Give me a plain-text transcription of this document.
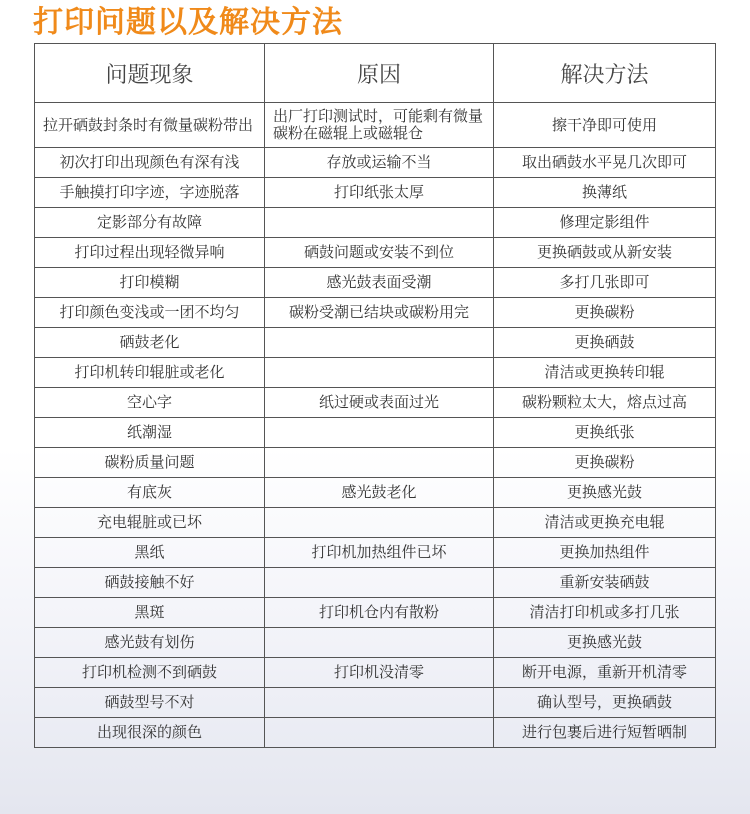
打印问题以及解决方法
问题现象	原因	解决方法
拉开硒鼓封条时有微量碳粉带出	出厂打印测试时，可能剩有微量碳粉在磁辊上或磁辊仓	擦干净即可使用
初次打印出现颜色有深有浅	存放或运输不当	取出硒鼓水平晃几次即可
手触摸打印字迹，字迹脱落	打印纸张太厚	换薄纸
定影部分有故障		修理定影组件
打印过程出现轻微异响	硒鼓问题或安装不到位	更换硒鼓或从新安装
打印模糊	感光鼓表面受潮	多打几张即可
打印颜色变浅或一团不均匀	碳粉受潮已结块或碳粉用完	更换碳粉
硒鼓老化		更换硒鼓
打印机转印辊脏或老化		清洁或更换转印辊
空心字	纸过硬或表面过光	碳粉颗粒太大，熔点过高
纸潮湿		更换纸张
碳粉质量问题		更换碳粉
有底灰	感光鼓老化	更换感光鼓
充电辊脏或已坏		清洁或更换充电辊
黑纸	打印机加热组件已坏	更换加热组件
硒鼓接触不好		重新安装硒鼓
黑斑	打印机仓内有散粉	清洁打印机或多打几张
感光鼓有划伤		更换感光鼓
打印机检测不到硒鼓	打印机没清零	断开电源，重新开机清零
硒鼓型号不对		确认型号，更换硒鼓
出现很深的颜色		进行包裹后进行短暂晒制
